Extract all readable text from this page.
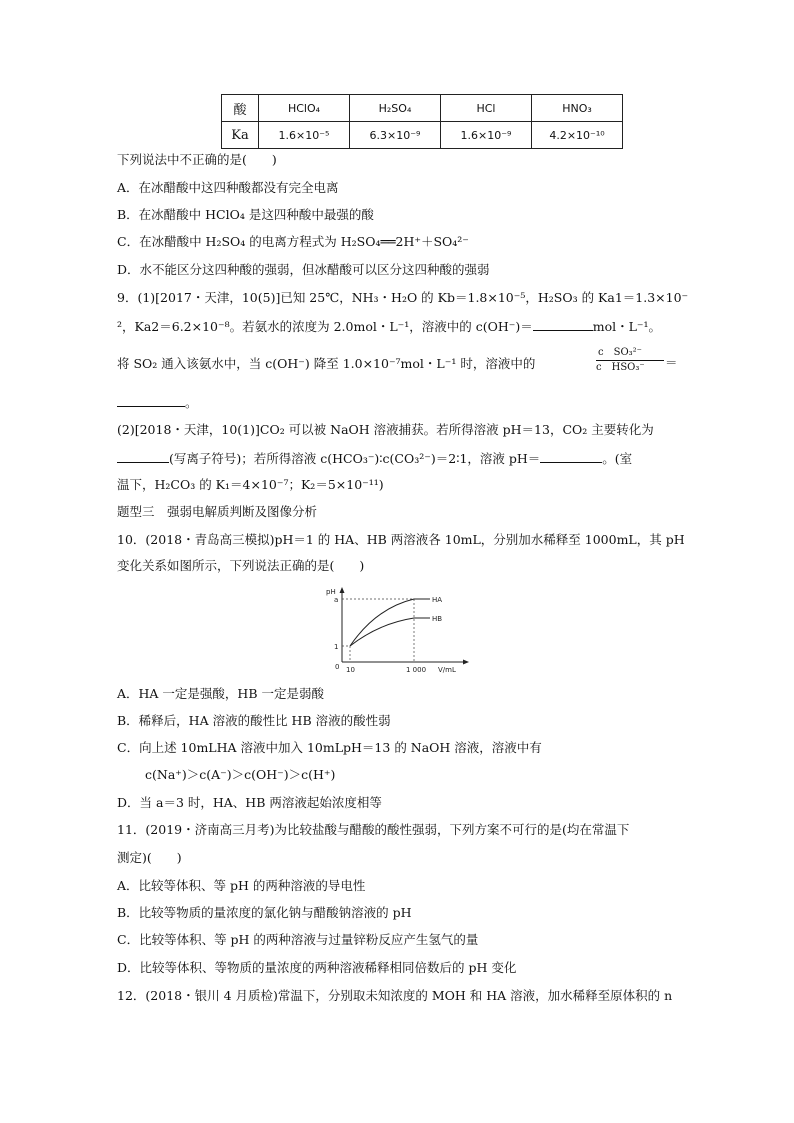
酸	HClO₄	H₂SO₄	HCl	HNO₃
Ka	1.6×10⁻⁵	6.3×10⁻⁹	1.6×10⁻⁹	4.2×10⁻¹⁰
下列说法中不正确的是(　　)
A．在冰醋酸中这四种酸都没有完全电离
B．在冰醋酸中 HClO₄ 是这四种酸中最强的酸
C．在冰醋酸中 H₂SO₄ 的电离方程式为 H₂SO₄══2H⁺＋SO₄²⁻
D．水不能区分这四种酸的强弱，但冰醋酸可以区分这四种酸的强弱
9．(1)[2017・天津，10(5)]已知 25℃，NH₃・H₂O 的 Kb＝1.8×10⁻⁵，H₂SO₃ 的 Ka1＝1.3×10⁻
²，Ka2＝6.2×10⁻⁸。若氨水的浓度为 2.0mol・L⁻¹，溶液中的 c(OH⁻)＝	mol・L⁻¹。
将 SO₂ 通入该氨水中，当 c(OH⁻) 降至 1.0×10⁻⁷mol・L⁻¹ 时，溶液中的
c　SO₃²⁻
c　HSO₃⁻	＝
。
(2)[2018・天津，10(1)]CO₂ 可以被 NaOH 溶液捕获。若所得溶液 pH＝13，CO₂ 主要转化为
(写离子符号)；若所得溶液 c(HCO₃⁻)∶c(CO₃²⁻)＝2∶1，溶液 pH＝	。(室
温下，H₂CO₃ 的 K₁＝4×10⁻⁷；K₂＝5×10⁻¹¹)
题型三　强弱电解质判断及图像分析
10．(2018・青岛高三模拟)pH＝1 的 HA、HB 两溶液各 10mL，分别加水稀释至 1000mL，其 pH
变化关系如图所示，下列说法正确的是(　　)
pH
a
1
0 10	1 000 V/mL
HA
HB
A．HA 一定是强酸，HB 一定是弱酸
B．稀释后，HA 溶液的酸性比 HB 溶液的酸性弱
C．向上述 10mLHA 溶液中加入 10mLpH＝13 的 NaOH 溶液，溶液中有
c(Na⁺)＞c(A⁻)＞c(OH⁻)＞c(H⁺)
D．当 a＝3 时，HA、HB 两溶液起始浓度相等
11．(2019・济南高三月考)为比较盐酸与醋酸的酸性强弱，下列方案不可行的是(均在常温下
测定)(　　)
A．比较等体积、等 pH 的两种溶液的导电性
B．比较等物质的量浓度的氯化钠与醋酸钠溶液的 pH
C．比较等体积、等 pH 的两种溶液与过量锌粉反应产生氢气的量
D．比较等体积、等物质的量浓度的两种溶液稀释相同倍数后的 pH 变化
12．(2018・银川 4 月质检)常温下，分别取未知浓度的 MOH 和 HA 溶液，加水稀释至原体积的 n
